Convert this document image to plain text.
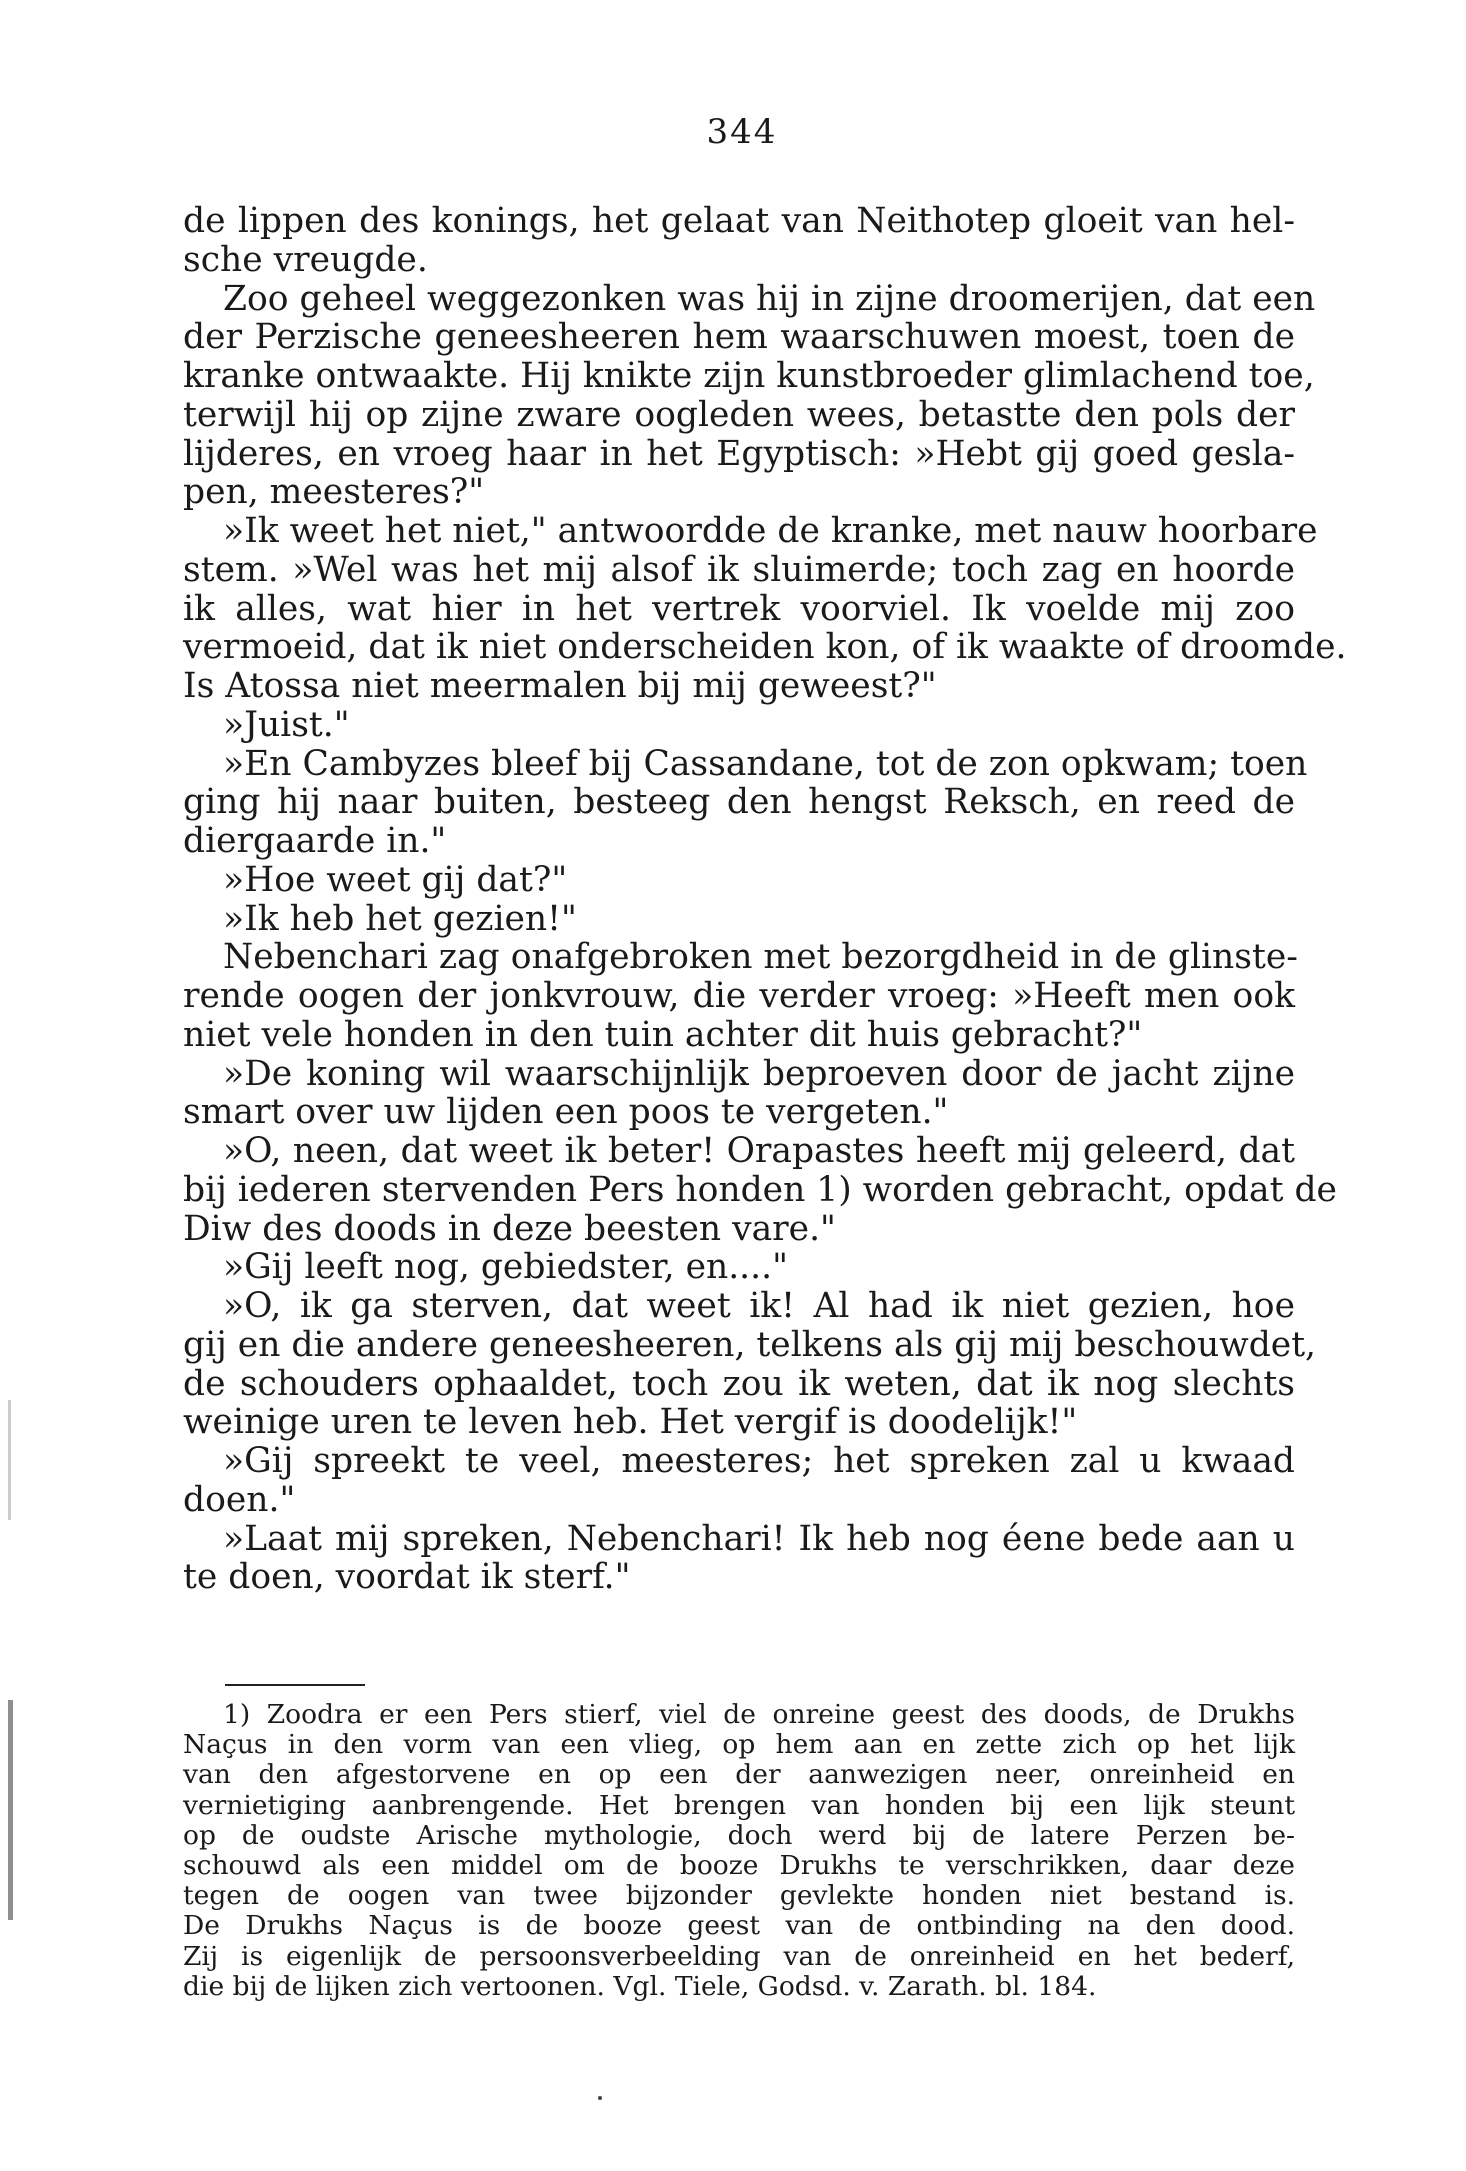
344
de lippen des konings, het gelaat van Neithotep gloeit van hel-
sche vreugde.
Zoo geheel weggezonken was hij in zijne droomerijen, dat een
der Perzische geneesheeren hem waarschuwen moest, toen de
kranke ontwaakte. Hij knikte zijn kunstbroeder glimlachend toe,
terwijl hij op zijne zware oogleden wees, betastte den pols der
lijderes, en vroeg haar in het Egyptisch: »Hebt gij goed gesla-
pen, meesteres?"
»Ik weet het niet," antwoordde de kranke, met nauw hoorbare
stem. »Wel was het mij alsof ik sluimerde; toch zag en hoorde
ik alles, wat hier in het vertrek voorviel. Ik voelde mij zoo
vermoeid, dat ik niet onderscheiden kon, of ik waakte of droomde.
Is Atossa niet meermalen bij mij geweest?"
»Juist."
»En Cambyzes bleef bij Cassandane, tot de zon opkwam; toen
ging hij naar buiten, besteeg den hengst Reksch, en reed de
diergaarde in."
»Hoe weet gij dat?"
»Ik heb het gezien!"
Nebenchari zag onafgebroken met bezorgdheid in de glinste-
rende oogen der jonkvrouw, die verder vroeg: »Heeft men ook
niet vele honden in den tuin achter dit huis gebracht?"
»De koning wil waarschijnlijk beproeven door de jacht zijne
smart over uw lijden een poos te vergeten."
»O, neen, dat weet ik beter! Orapastes heeft mij geleerd, dat
bij iederen stervenden Pers honden 1) worden gebracht, opdat de
Diw des doods in deze beesten vare."
»Gij leeft nog, gebiedster, en...."
»O, ik ga sterven, dat weet ik! Al had ik niet gezien, hoe
gij en die andere geneesheeren, telkens als gij mij beschouwdet,
de schouders ophaaldet, toch zou ik weten, dat ik nog slechts
weinige uren te leven heb. Het vergif is doodelijk!"
»Gij spreekt te veel, meesteres; het spreken zal u kwaad
doen."
»Laat mij spreken, Nebenchari! Ik heb nog éene bede aan u
te doen, voordat ik sterf."
1) Zoodra er een Pers stierf, viel de onreine geest des doods, de Drukhs
Naçus in den vorm van een vlieg, op hem aan en zette zich op het lijk
van den afgestorvene en op een der aanwezigen neer, onreinheid en
vernietiging aanbrengende. Het brengen van honden bij een lijk steunt
op de oudste Arische mythologie, doch werd bij de latere Perzen be-
schouwd als een middel om de booze Drukhs te verschrikken, daar deze
tegen de oogen van twee bijzonder gevlekte honden niet bestand is.
De Drukhs Naçus is de booze geest van de ontbinding na den dood.
Zij is eigenlijk de persoonsverbeelding van de onreinheid en het bederf,
die bij de lijken zich vertoonen. Vgl. Tiele, Godsd. v. Zarath. bl. 184.
